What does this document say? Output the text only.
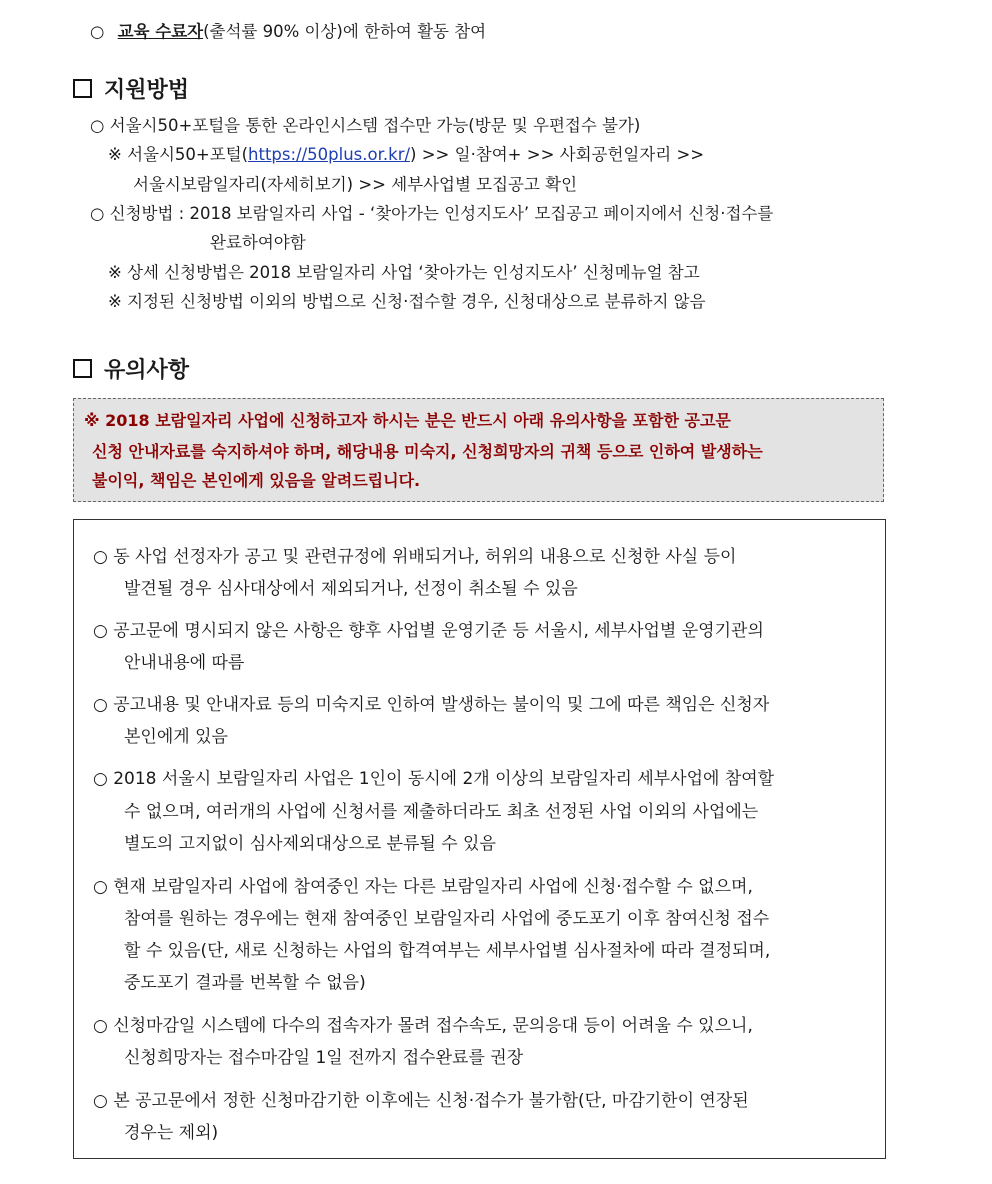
○ 교육 수료자(출석률 90% 이상)에 한하여 활동 참여
지원방법
○ 서울시50+포털을 통한 온라인시스템 접수만 가능(방문 및 우편접수 불가)
※ 서울시50+포털(https://50plus.or.kr/) >> 일·참여+ >> 사회공헌일자리 >>
서울시보람일자리(자세히보기) >> 세부사업별 모집공고 확인
○ 신청방법 : 2018 보람일자리 사업 - ‘찾아가는 인성지도사’ 모집공고 페이지에서 신청·접수를
완료하여야함
※ 상세 신청방법은 2018 보람일자리 사업 ‘찾아가는 인성지도사’ 신청메뉴얼 참고
※ 지정된 신청방법 이외의 방법으로 신청·접수할 경우, 신청대상으로 분류하지 않음
유의사항
※ 2018 보람일자리 사업에 신청하고자 하시는 분은 반드시 아래 유의사항을 포함한 공고문
신청 안내자료를 숙지하셔야 하며, 해당내용 미숙지, 신청희망자의 귀책 등으로 인하여 발생하는
불이익, 책임은 본인에게 있음을 알려드립니다.
○ 동 사업 선정자가 공고 및 관련규정에 위배되거나, 허위의 내용으로 신청한 사실 등이
발견될 경우 심사대상에서 제외되거나, 선정이 취소될 수 있음
○ 공고문에 명시되지 않은 사항은 향후 사업별 운영기준 등 서울시, 세부사업별 운영기관의
안내내용에 따름
○ 공고내용 및 안내자료 등의 미숙지로 인하여 발생하는 불이익 및 그에 따른 책임은 신청자
본인에게 있음
○ 2018 서울시 보람일자리 사업은 1인이 동시에 2개 이상의 보람일자리 세부사업에 참여할
수 없으며, 여러개의 사업에 신청서를 제출하더라도 최초 선정된 사업 이외의 사업에는
별도의 고지없이 심사제외대상으로 분류될 수 있음
○ 현재 보람일자리 사업에 참여중인 자는 다른 보람일자리 사업에 신청·접수할 수 없으며,
참여를 원하는 경우에는 현재 참여중인 보람일자리 사업에 중도포기 이후 참여신청 접수
할 수 있음(단, 새로 신청하는 사업의 합격여부는 세부사업별 심사절차에 따라 결정되며,
중도포기 결과를 번복할 수 없음)
○ 신청마감일 시스템에 다수의 접속자가 몰려 접수속도, 문의응대 등이 어려울 수 있으니,
신청희망자는 접수마감일 1일 전까지 접수완료를 권장
○ 본 공고문에서 정한 신청마감기한 이후에는 신청·접수가 불가함(단, 마감기한이 연장된
경우는 제외)
